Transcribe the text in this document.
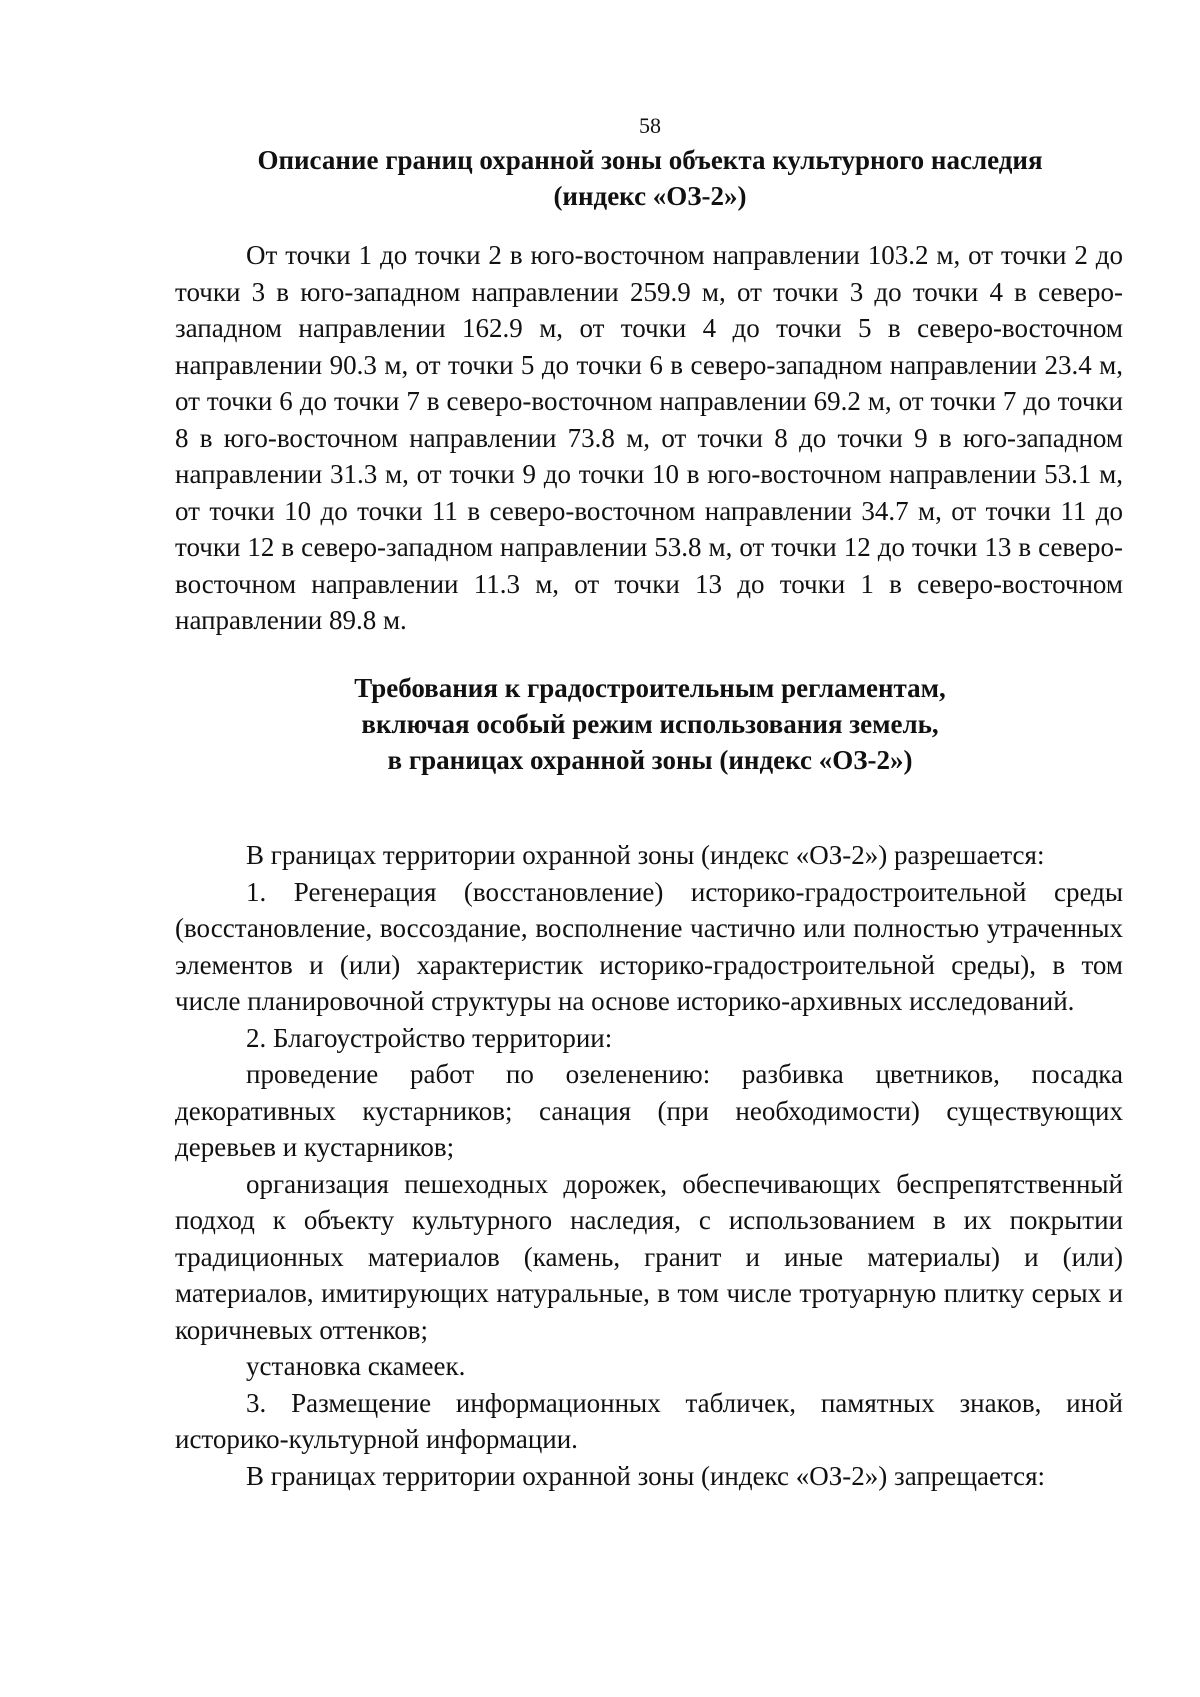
58
Описание границ охранной зоны объекта культурного наследия
(индекс «ОЗ-2»)

От точки 1 до точки 2 в юго-восточном направлении 103.2 м, от точки 2 до точки 3 в юго-западном направлении 259.9 м, от точки 3 до точки 4 в северо-западном направлении 162.9 м, от точки 4 до точки 5 в северо-восточном направлении 90.3 м, от точки 5 до точки 6 в северо-западном направлении 23.4 м, от точки 6 до точки 7 в северо-восточном направлении 69.2 м, от точки 7 до точки 8 в юго-восточном направлении 73.8 м, от точки 8 до точки 9 в юго-западном направлении 31.3 м, от точки 9 до точки 10 в юго-восточном направлении 53.1 м, от точки 10 до точки 11 в северо-восточном направлении 34.7 м, от точки 11 до точки 12 в северо-западном направлении 53.8 м, от точки 12 до точки 13 в северо-восточном направлении 11.3 м, от точки 13 до точки 1 в северо-восточном направлении 89.8 м.

Требования к градостроительным регламентам,
включая особый режим использования земель,
в границах охранной зоны (индекс «ОЗ-2»)

В границах территории охранной зоны (индекс «ОЗ-2») разрешается:

1. Регенерация (восстановление) историко-градостроительной среды (восстановление, воссоздание, восполнение частично или полностью утраченных элементов и (или) характеристик историко-градостроительной среды), в том числе планировочной структуры на основе историко-архивных исследований.

2. Благоустройство территории:

проведение работ по озеленению: разбивка цветников, посадка декоративных кустарников; санация (при необходимости) существующих деревьев и кустарников;

организация пешеходных дорожек, обеспечивающих беспрепятственный подход к объекту культурного наследия, с использованием в их покрытии традиционных материалов (камень, гранит и иные материалы) и (или) материалов, имитирующих натуральные, в том числе тротуарную плитку серых и коричневых оттенков;

установка скамеек.

3. Размещение информационных табличек, памятных знаков, иной историко-культурной информации.

В границах территории охранной зоны (индекс «ОЗ-2») запрещается:
